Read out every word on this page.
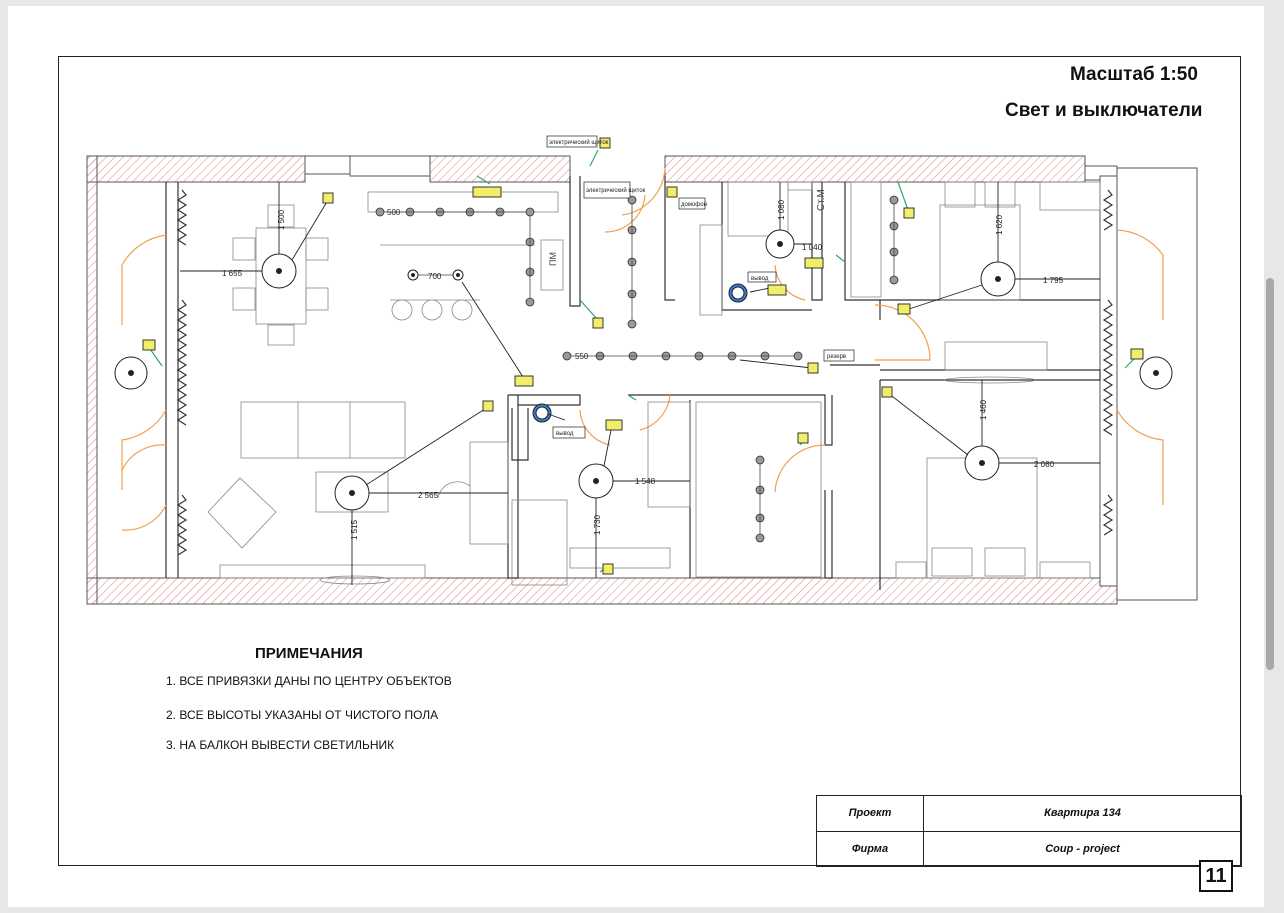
Масштаб 1:50
Свет и выключатели
1 655
1 500
2 565
1 515
1 548
1 730
1 080
1 040
1 620
1 795
1 460
2 080
700
500
550
электрический щиток
электрический щиток
домофон
вывод
вывод
резерв
ПМ
Ст.М
ПРИМЕЧАНИЯ
1. ВСЕ ПРИВЯЗКИ ДАНЫ ПО ЦЕНТРУ ОБЪЕКТОВ
2. ВСЕ ВЫСОТЫ УКАЗАНЫ ОТ ЧИСТОГО ПОЛА
3. НА БАЛКОН ВЫВЕСТИ СВЕТИЛЬНИК
Проект	Квартира 134
Фирма	Coup - project
11
